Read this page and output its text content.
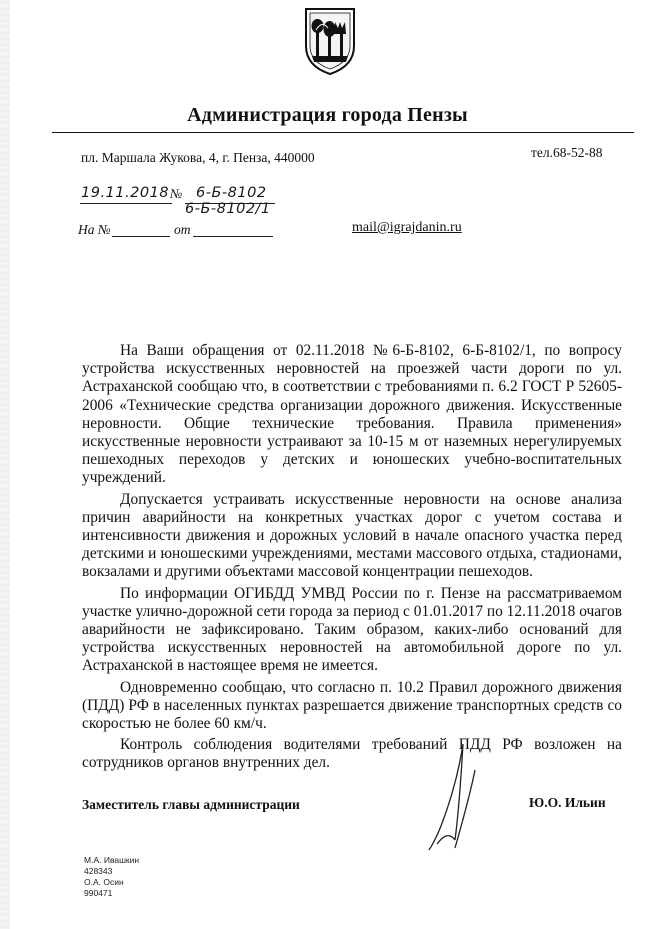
Администрация города Пензы
пл. Маршала Жукова, 4, г. Пенза, 440000	тел.68-52-88
19.11.2018 № 6-Б-8102
6-Б-8102/1
На №	от	mail@igrajdanin.ru

На Ваши обращения от 02.11.2018 №6-Б-8102, 6-Б-8102/1, по вопросу устройства искусственных неровностей на проезжей части дороги по ул. Астраханской сообщаю что, в соответствии с требованиями п. 6.2 ГОСТ Р 52605-2006 «Технические средства организации дорожного движения. Искусственные неровности. Общие технические требования. Правила применения» искусственные неровности устраивают за 10-15 м от наземных нерегулируемых пешеходных переходов у детских и юношеских учебно-воспитательных учреждений.

Допускается устраивать искусственные неровности на основе анализа причин аварийности на конкретных участках дорог с учетом состава и интенсивности движения и дорожных условий в начале опасного участка перед детскими и юношескими учреждениями, местами массового отдыха, стадионами, вокзалами и другими объектами массовой концентрации пешеходов.

По информации ОГИБДД УМВД России по г. Пензе на рассматриваемом участке улично-дорожной сети города за период с 01.01.2017 по 12.11.2018 очагов аварийности не зафиксировано. Таким образом, каких-либо оснований для устройства искусственных неровностей на автомобильной дороге по ул. Астраханской в настоящее время не имеется.

Одновременно сообщаю, что согласно п. 10.2 Правил дорожного движения (ПДД) РФ в населенных пунктах разрешается движение транспортных средств со скоростью не более 60 км/ч.

Контроль соблюдения водителями требований ПДД РФ возложен на сотрудников органов внутренних дел.

Заместитель главы администрации	Ю.О. Ильин
М.А. Ивашкин
428343
О.А. Осин
990471
